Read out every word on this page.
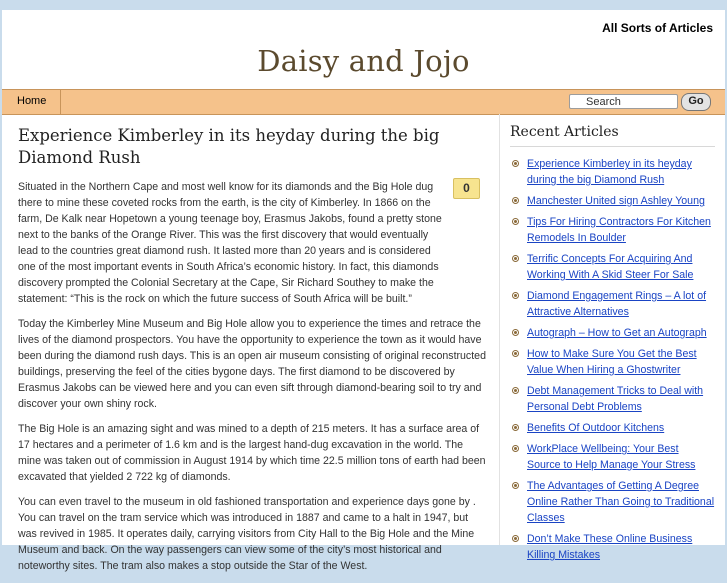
All Sorts of Articles
Daisy and Jojo
Home
Search	Go
Experience Kimberley in its heyday during the big Diamond Rush
0

Situated in the Northern Cape and most well know for its diamonds and the Big Hole dug there to mine these coveted rocks from the earth, is the city of Kimberley. In 1866 on the farm, De Kalk near Hopetown a young teenage boy, Erasmus Jakobs, found a pretty stone next to the banks of the Orange River. This was the first discovery that would eventually lead to the countries great diamond rush. It lasted more than 20 years and is considered one of the most important events in South Africa’s economic history. In fact, this diamonds discovery prompted the Colonial Secretary at the Cape, Sir Richard Southey to make the statement: “This is the rock on which the future success of South Africa will be built.”

Today the Kimberley Mine Museum and Big Hole allow you to experience the times and retrace the lives of the diamond prospectors. You have the opportunity to experience the town as it would have been during the diamond rush days. This is an open air museum consisting of original reconstructed buildings, preserving the feel of the cities bygone days. The first diamond to be discovered by Erasmus Jakobs can be viewed here and you can even sift through diamond-bearing soil to try and discover your own shiny rock.

The Big Hole is an amazing sight and was mined to a depth of 215 meters. It has a surface area of 17 hectares and a perimeter of 1.6 km and is the largest hand-dug excavation in the world. The mine was taken out of commission in August 1914 by which time 22.5 million tons of earth had been excavated that yielded 2 722 kg of diamonds.

You can even travel to the museum in old fashioned transportation and experience days gone by . You can travel on the tram service which was introduced in 1887 and came to a halt in 1947, but was revived in 1985. It operates daily, carrying visitors from City Hall to the Big Hole and the Mine Museum and back. On the way passengers can view some of the city’s most historical and noteworthy sites. The tram also makes a stop outside the Star of the West.

Recent Articles
Experience Kimberley in its heyday during the big Diamond Rush
Manchester United sign Ashley Young
Tips For Hiring Contractors For Kitchen Remodels In Boulder
Terrific Concepts For Acquiring And Working With A Skid Steer For Sale
Diamond Engagement Rings – A lot of Attractive Alternatives
Autograph – How to Get an Autograph
How to Make Sure You Get the Best Value When Hiring a Ghostwriter
Debt Management Tricks to Deal with Personal Debt Problems
Benefits Of Outdoor Kitchens
WorkPlace Wellbeing: Your Best Source to Help Manage Your Stress
The Advantages of Getting A Degree Online Rather Than Going to Traditional Classes
Don’t Make These Online Business Killing Mistakes
